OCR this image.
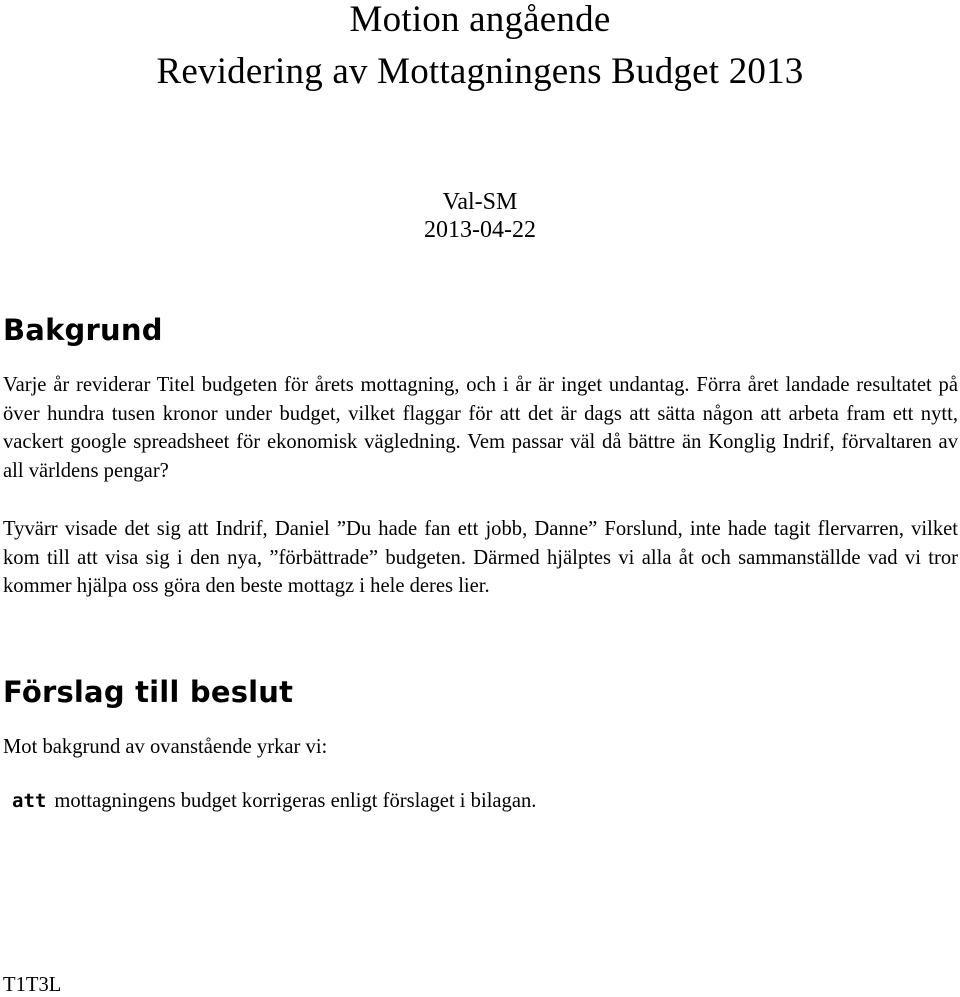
Motion angående
Revidering av Mottagningens Budget 2013
Val-SM
2013-04-22
Bakgrund

Varje år reviderar Titel budgeten för årets mottagning, och i år är inget undantag. Förra året landade resultatet på över hundra tusen kronor under budget, vilket flaggar för att det är dags att sätta någon att arbeta fram ett nytt, vackert google spreadsheet för ekonomisk vägledning. Vem passar väl då bättre än Konglig Indrif, förvaltaren av all världens pengar?

Tyvärr visade det sig att Indrif, Daniel ”Du hade fan ett jobb, Danne” Forslund, inte hade tagit flervarren, vilket kom till att visa sig i den nya, ”förbättrade” budgeten. Därmed hjälptes vi alla åt och sammanställde vad vi tror kommer hjälpa oss göra den beste mottagz i hele deres lier.

Förslag till beslut

Mot bakgrund av ovanstående yrkar vi:

att mottagningens budget korrigeras enligt förslaget i bilagan.
T1T3L
